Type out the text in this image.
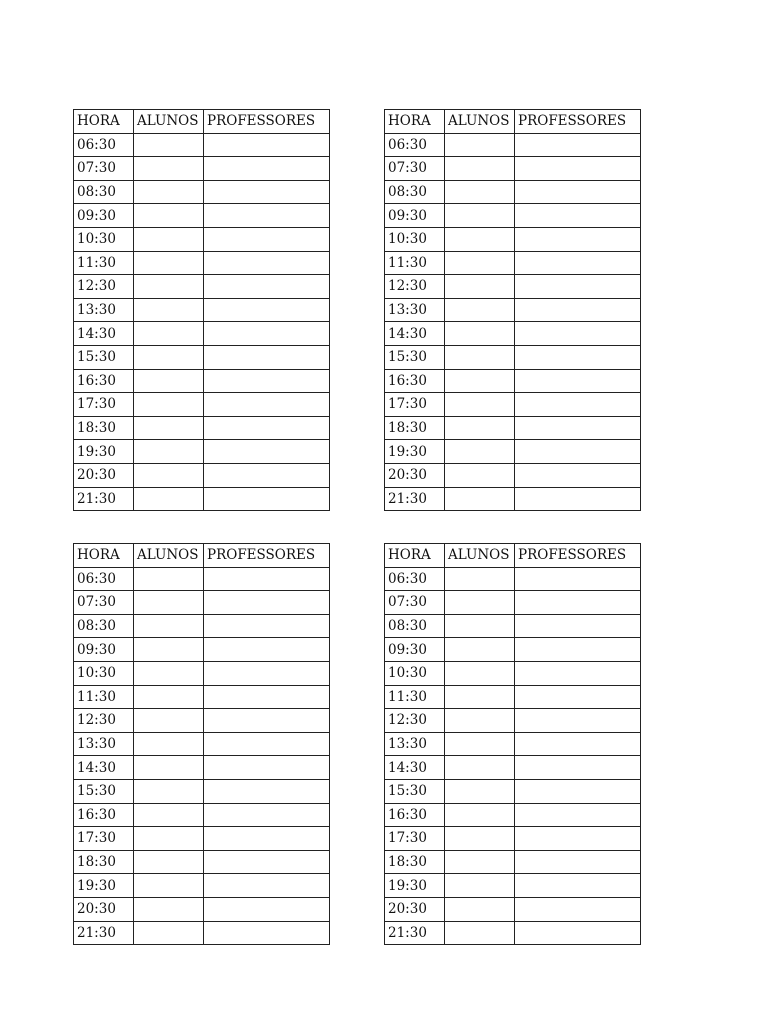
HORA	ALUNOS	PROFESSORES
06:30		
07:30		
08:30		
09:30		
10:30		
11:30		
12:30		
13:30		
14:30		
15:30		
16:30		
17:30		
18:30		
19:30		
20:30		
21:30		
HORA	ALUNOS	PROFESSORES
06:30		
07:30		
08:30		
09:30		
10:30		
11:30		
12:30		
13:30		
14:30		
15:30		
16:30		
17:30		
18:30		
19:30		
20:30		
21:30		
HORA	ALUNOS	PROFESSORES
06:30		
07:30		
08:30		
09:30		
10:30		
11:30		
12:30		
13:30		
14:30		
15:30		
16:30		
17:30		
18:30		
19:30		
20:30		
21:30		
HORA	ALUNOS	PROFESSORES
06:30		
07:30		
08:30		
09:30		
10:30		
11:30		
12:30		
13:30		
14:30		
15:30		
16:30		
17:30		
18:30		
19:30		
20:30		
21:30		
